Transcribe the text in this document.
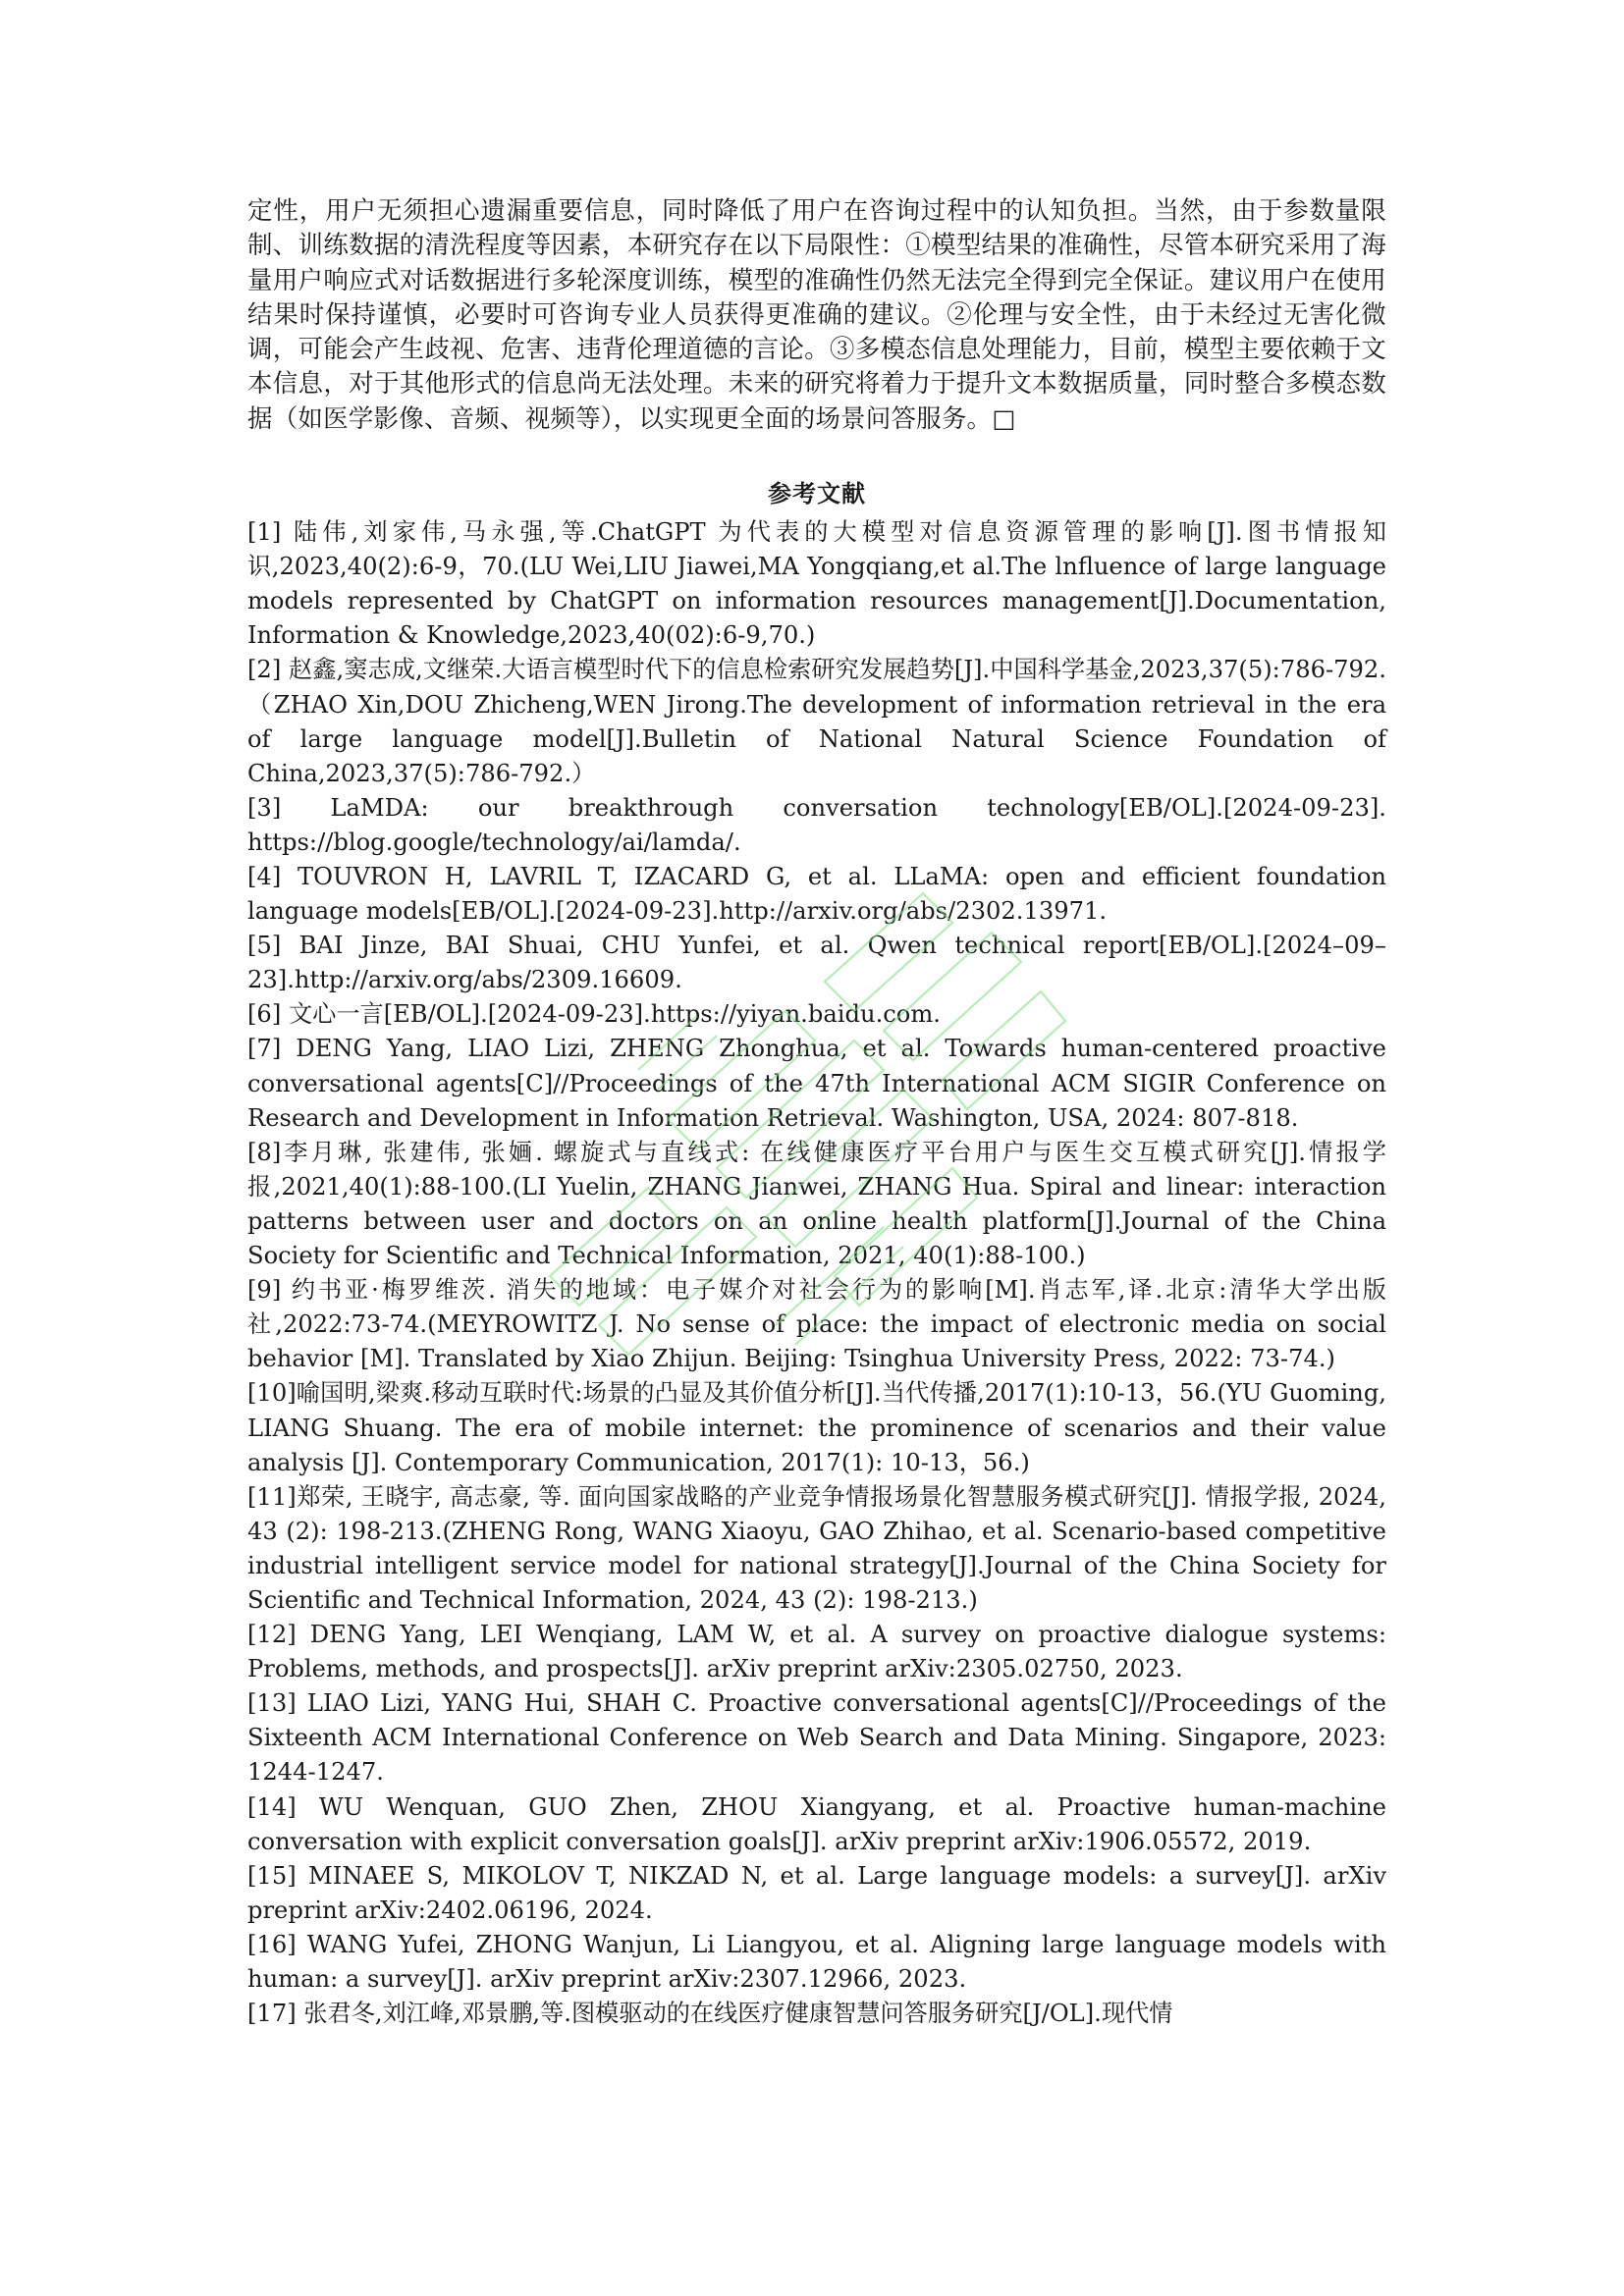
定性，用户无须担心遗漏重要信息，同时降低了用户在咨询过程中的认知负担。当然，由于参数量限制、训练数据的清洗程度等因素，本研究存在以下局限性：①模型结果的准确性，尽管本研究采用了海量用户响应式对话数据进行多轮深度训练，模型的准确性仍然无法完全得到完全保证。建议用户在使用结果时保持谨慎，必要时可咨询专业人员获得更准确的建议。②伦理与安全性，由于未经过无害化微调，可能会产生歧视、危害、违背伦理道德的言论。③多模态信息处理能力，目前，模型主要依赖于文本信息，对于其他形式的信息尚无法处理。未来的研究将着力于提升文本数据质量，同时整合多模态数据（如医学影像、音频、视频等），以实现更全面的场景问答服务。□

参考文献
[1] 陆伟,刘家伟,马永强,等.ChatGPT 为代表的大模型对信息资源管理的影响[J].图书情报知识,2023,40(2):6-9，70.(LU Wei,LIU Jiawei,MA Yongqiang,et al.The lnfluence of large language models represented by ChatGPT on information resources management[J].Documentation, Information & Knowledge,2023,40(02):6-9,70.)
[2] 赵鑫,窦志成,文继荣.大语言模型时代下的信息检索研究发展趋势[J].中国科学基金,2023,37(5):786-792.（ZHAO Xin,DOU Zhicheng,WEN Jirong.The development of information retrieval in the era of large language model[J].Bulletin of National Natural Science Foundation of China,2023,37(5):786-792.）
[3] LaMDA: our breakthrough conversation technology[EB/OL].[2024-09-23]. https://blog.google/technology/ai/lamda/.
[4] TOUVRON H, LAVRIL T, IZACARD G, et al. LLaMA: open and efficient foundation language models[EB/OL].[2024-09-23].http://arxiv.org/abs/2302.13971.
[5] BAI Jinze, BAI Shuai, CHU Yunfei, et al. Qwen technical report[EB/OL].[2024–09–23].http://arxiv.org/abs/2309.16609.
[6] 文心一言[EB/OL].[2024-09-23].https://yiyan.baidu.com.
[7] DENG Yang, LIAO Lizi, ZHENG Zhonghua, et al. Towards human-centered proactive conversational agents[C]//Proceedings of the 47th International ACM SIGIR Conference on Research and Development in Information Retrieval. Washington, USA, 2024: 807-818.
[8]李月琳, 张建伟, 张婳. 螺旋式与直线式: 在线健康医疗平台用户与医生交互模式研究[J].情报学报,2021,40(1):88-100.(LI Yuelin, ZHANG Jianwei, ZHANG Hua. Spiral and linear: interaction patterns between user and doctors on an online health platform[J].Journal of the China Society for Scientific and Technical Information, 2021, 40(1):88-100.)
[9] 约书亚·梅罗维茨. 消失的地域：电子媒介对社会行为的影响[M].肖志军,译.北京:清华大学出版社,2022:73-74.(MEYROWITZ J. No sense of place: the impact of electronic media on social behavior [M]. Translated by Xiao Zhijun. Beijing: Tsinghua University Press, 2022: 73-74.)
[10]喻国明,梁爽.移动互联时代:场景的凸显及其价值分析[J].当代传播,2017(1):10-13，56.(YU Guoming, LIANG Shuang. The era of mobile internet: the prominence of scenarios and their value analysis [J]. Contemporary Communication, 2017(1): 10-13，56.)
[11]郑荣, 王晓宇, 高志豪, 等. 面向国家战略的产业竞争情报场景化智慧服务模式研究[J]. 情报学报, 2024, 43 (2): 198-213.(ZHENG Rong, WANG Xiaoyu, GAO Zhihao, et al. Scenario-based competitive industrial intelligent service model for national strategy[J].Journal of the China Society for Scientific and Technical Information, 2024, 43 (2): 198-213.)
[12] DENG Yang, LEI Wenqiang, LAM W, et al. A survey on proactive dialogue systems: Problems, methods, and prospects[J]. arXiv preprint arXiv:2305.02750, 2023.
[13] LIAO Lizi, YANG Hui, SHAH C. Proactive conversational agents[C]//Proceedings of the Sixteenth ACM International Conference on Web Search and Data Mining. Singapore, 2023: 1244-1247.
[14] WU Wenquan, GUO Zhen, ZHOU Xiangyang, et al. Proactive human-machine conversation with explicit conversation goals[J]. arXiv preprint arXiv:1906.05572, 2019.
[15] MINAEE S, MIKOLOV T, NIKZAD N, et al. Large language models: a survey[J]. arXiv preprint arXiv:2402.06196, 2024.
[16] WANG Yufei, ZHONG Wanjun, Li Liangyou, et al. Aligning large language models with human: a survey[J]. arXiv preprint arXiv:2307.12966, 2023.
[17] 张君冬,刘江峰,邓景鹏,等.图模驱动的在线医疗健康智慧问答服务研究[J/OL].现代情
